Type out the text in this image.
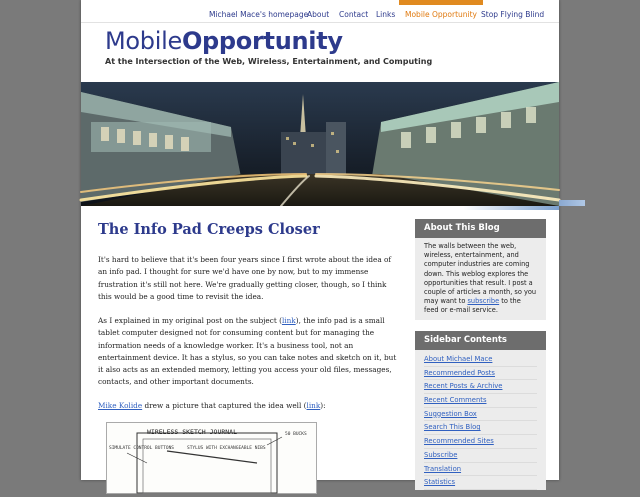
Michael Mace's homepage
About Contact Links Mobile Opportunity Stop Flying Blind
MobileOpportunity
At the Intersection of the Web, Wireless, Entertainment, and Computing
The Info Pad Creeps Closer
It's hard to believe that it's been four years since I first wrote about the idea of an info pad. I thought for sure we'd have one by now, but to my immense frustration it's still not here. We're gradually getting closer, though, so I think this would be a good time to revisit the idea.
As I explained in my original post on the subject (link), the info pad is a small tablet computer designed not for consuming content but for managing the information needs of a knowledge worker. It's a business tool, not an entertainment device. It has a stylus, so you can take notes and sketch on it, but it also acts as an extended memory, letting you access your old files, messages, contacts, and other important documents.
Mike Kolide drew a picture that captured the idea well (link):
WIRELESS SKETCH JOURNAL
SIMULATE CONTROL BUTTONS	STYLUS WITH EXCHANGEABLE NIBS
50 BUCKS
About This Blog
The walls between the web, wireless, entertainment, and computer industries are coming down. This weblog explores the opportunities that result. I post a couple of articles a month, so you may want to subscribe to the feed or e-mail service.
Sidebar Contents
About Michael Mace
Recommended Posts
Recent Posts & Archive
Recent Comments
Suggestion Box
Search This Blog
Recommended Sites
Subscribe
Translation
Statistics
